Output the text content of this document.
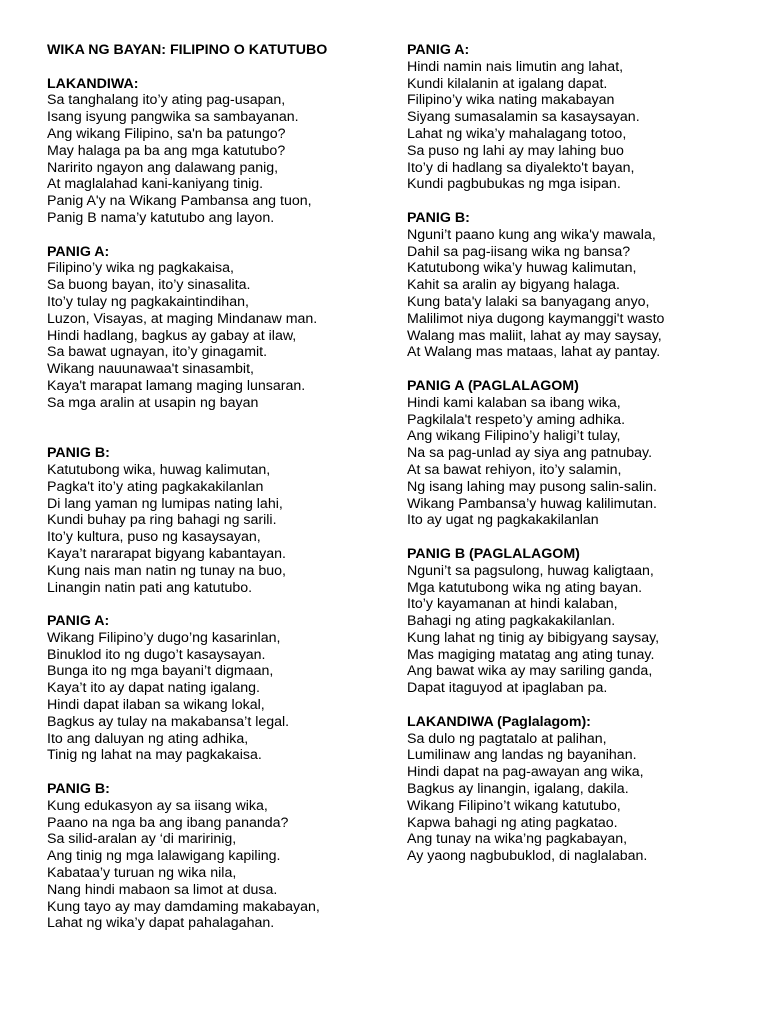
WIKA NG BAYAN: FILIPINO O KATUTUBO
LAKANDIWA:
Sa tanghalang ito’y ating pag-usapan,
Isang isyung pangwika sa sambayanan.
Ang wikang Filipino, sa'n ba patungo?
May halaga pa ba ang mga katutubo?
Naririto ngayon ang dalawang panig,
At maglalahad kani-kaniyang tinig.
Panig A'y na Wikang Pambansa ang tuon,
Panig B nama’y katutubo ang layon.
PANIG A:
Filipino’y wika ng pagkakaisa,
Sa buong bayan, ito’y sinasalita.
Ito’y tulay ng pagkakaintindihan,
Luzon, Visayas, at maging Mindanaw man.
Hindi hadlang, bagkus ay gabay at ilaw,
Sa bawat ugnayan, ito’y ginagamit.
Wikang nauunawaa't sinasambit,
Kaya't marapat lamang maging lunsaran.
Sa mga aralin at usapin ng bayan
PANIG B:
Katutubong wika, huwag kalimutan,
Pagka't ito’y ating pagkakakilanlan
Di lang yaman ng lumipas nating lahi,
Kundi buhay pa ring bahagi ng sarili.
Ito’y kultura, puso ng kasaysayan,
Kaya’t nararapat bigyang kabantayan.
Kung nais man natin ng tunay na buo,
Linangin natin pati ang katutubo.
PANIG A:
Wikang Filipino’y dugo’ng kasarinlan,
Binuklod ito ng dugo’t kasaysayan.
Bunga ito ng mga bayani’t digmaan,
Kaya’t ito ay dapat nating igalang.
Hindi dapat ilaban sa wikang lokal,
Bagkus ay tulay na makabansa’t legal.
Ito ang daluyan ng ating adhika,
Tinig ng lahat na may pagkakaisa.
PANIG B:
Kung edukasyon ay sa iisang wika,
Paano na nga ba ang ibang pananda?
Sa silid-aralan ay ‘di maririnig,
Ang tinig ng mga lalawigang kapiling.
Kabataa’y turuan ng wika nila,
Nang hindi mabaon sa limot at dusa.
Kung tayo ay may damdaming makabayan,
Lahat ng wika’y dapat pahalagahan.
PANIG A:
Hindi namin nais limutin ang lahat,
Kundi kilalanin at igalang dapat.
Filipino’y wika nating makabayan
Siyang sumasalamin sa kasaysayan.
Lahat ng wika’y mahalagang totoo,
Sa puso ng lahi ay may lahing buo
Ito’y di hadlang sa diyalekto't bayan,
Kundi pagbubukas ng mga isipan.
PANIG B:
Nguni’t paano kung ang wika'y mawala,
Dahil sa pag-iisang wika ng bansa?
Katutubong wika’y huwag kalimutan,
Kahit sa aralin ay bigyang halaga.
Kung bata'y lalaki sa banyagang anyo,
Malilimot niya dugong kaymanggi't wasto
Walang mas maliit, lahat ay may saysay,
At Walang mas mataas, lahat ay pantay.
PANIG A (PAGLALAGOM)
Hindi kami kalaban sa ibang wika,
Pagkilala't respeto’y aming adhika.
Ang wikang Filipino’y haligi’t tulay,
Na sa pag-unlad ay siya ang patnubay.
At sa bawat rehiyon, ito’y salamin,
Ng isang lahing may pusong salin-salin.
Wikang Pambansa’y huwag kalilimutan.
Ito ay ugat ng pagkakakilanlan
PANIG B (PAGLALAGOM)
Nguni’t sa pagsulong, huwag kaligtaan,
Mga katutubong wika ng ating bayan.
Ito’y kayamanan at hindi kalaban,
Bahagi ng ating pagkakakilanlan.
Kung lahat ng tinig ay bibigyang saysay,
Mas magiging matatag ang ating tunay.
Ang bawat wika ay may sariling ganda,
Dapat itaguyod at ipaglaban pa.
LAKANDIWA (Paglalagom):
Sa dulo ng pagtatalo at palihan,
Lumilinaw ang landas ng bayanihan.
Hindi dapat na pag-awayan ang wika,
Bagkus ay linangin, igalang, dakila.
Wikang Filipino’t wikang katutubo,
Kapwa bahagi ng ating pagkatao.
Ang tunay na wika’ng pagkabayan,
Ay yaong nagbubuklod, di naglalaban.
